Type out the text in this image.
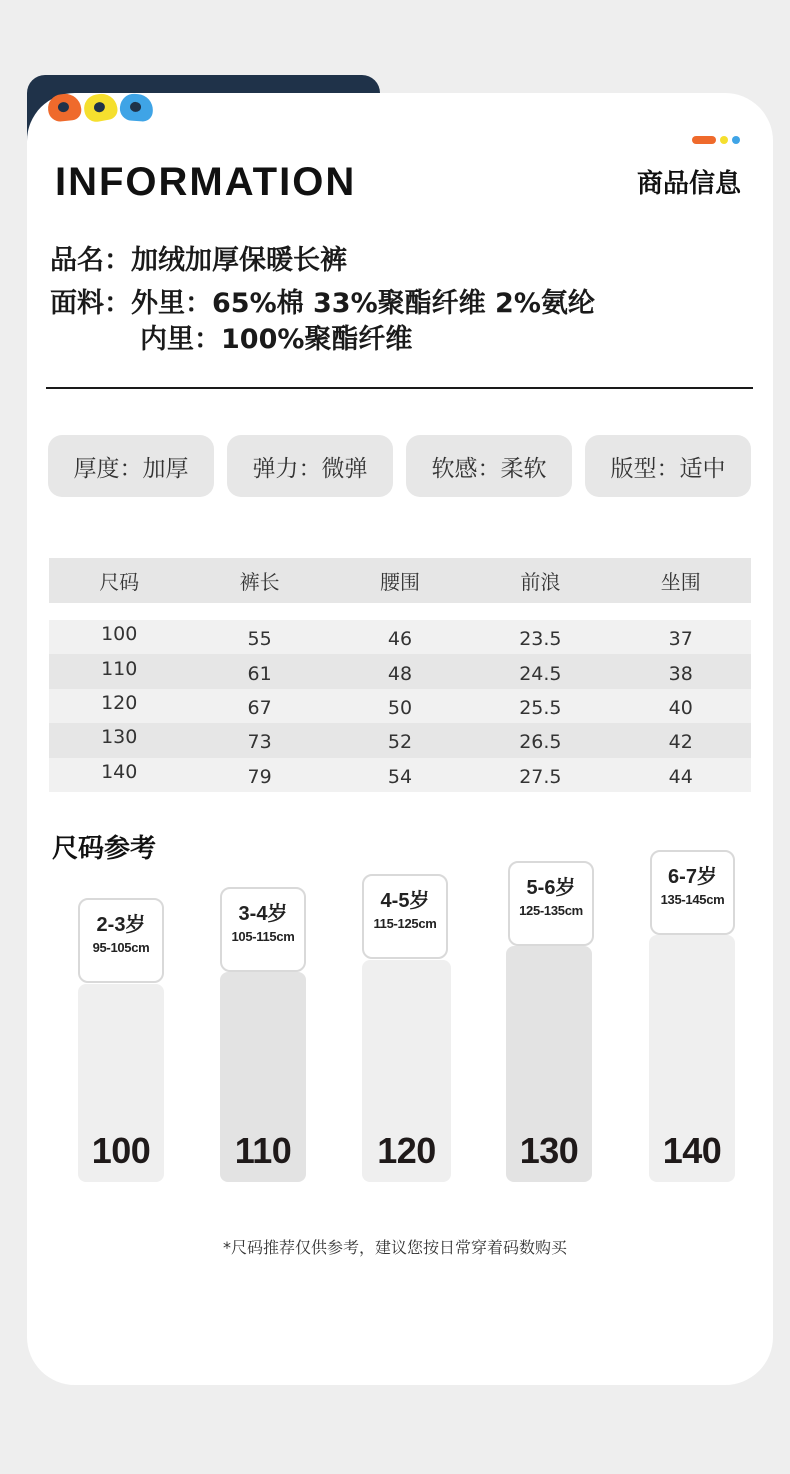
✱ Minizone
INFORMATION	商品信息
品名：加绒加厚保暖长裤
面料：外里：65%棉 33%聚酯纤维 2%氨纶
内里：100%聚酯纤维
厚度：加厚	弹力：微弹	软感：柔软	版型：适中
尺码	裤长	腰围	前浪	坐围
100	55	46	23.5	37
110	61	48	24.5	38
120	67	50	25.5	40
130	73	52	26.5	42
140	79	54	27.5	44
尺码参考
100
2-3岁
95-105cm
110
3-4岁
105-115cm
120
4-5岁
115-125cm
130
5-6岁
125-135cm
140
6-7岁
135-145cm
*尺码推荐仅供参考，建议您按日常穿着码数购买
